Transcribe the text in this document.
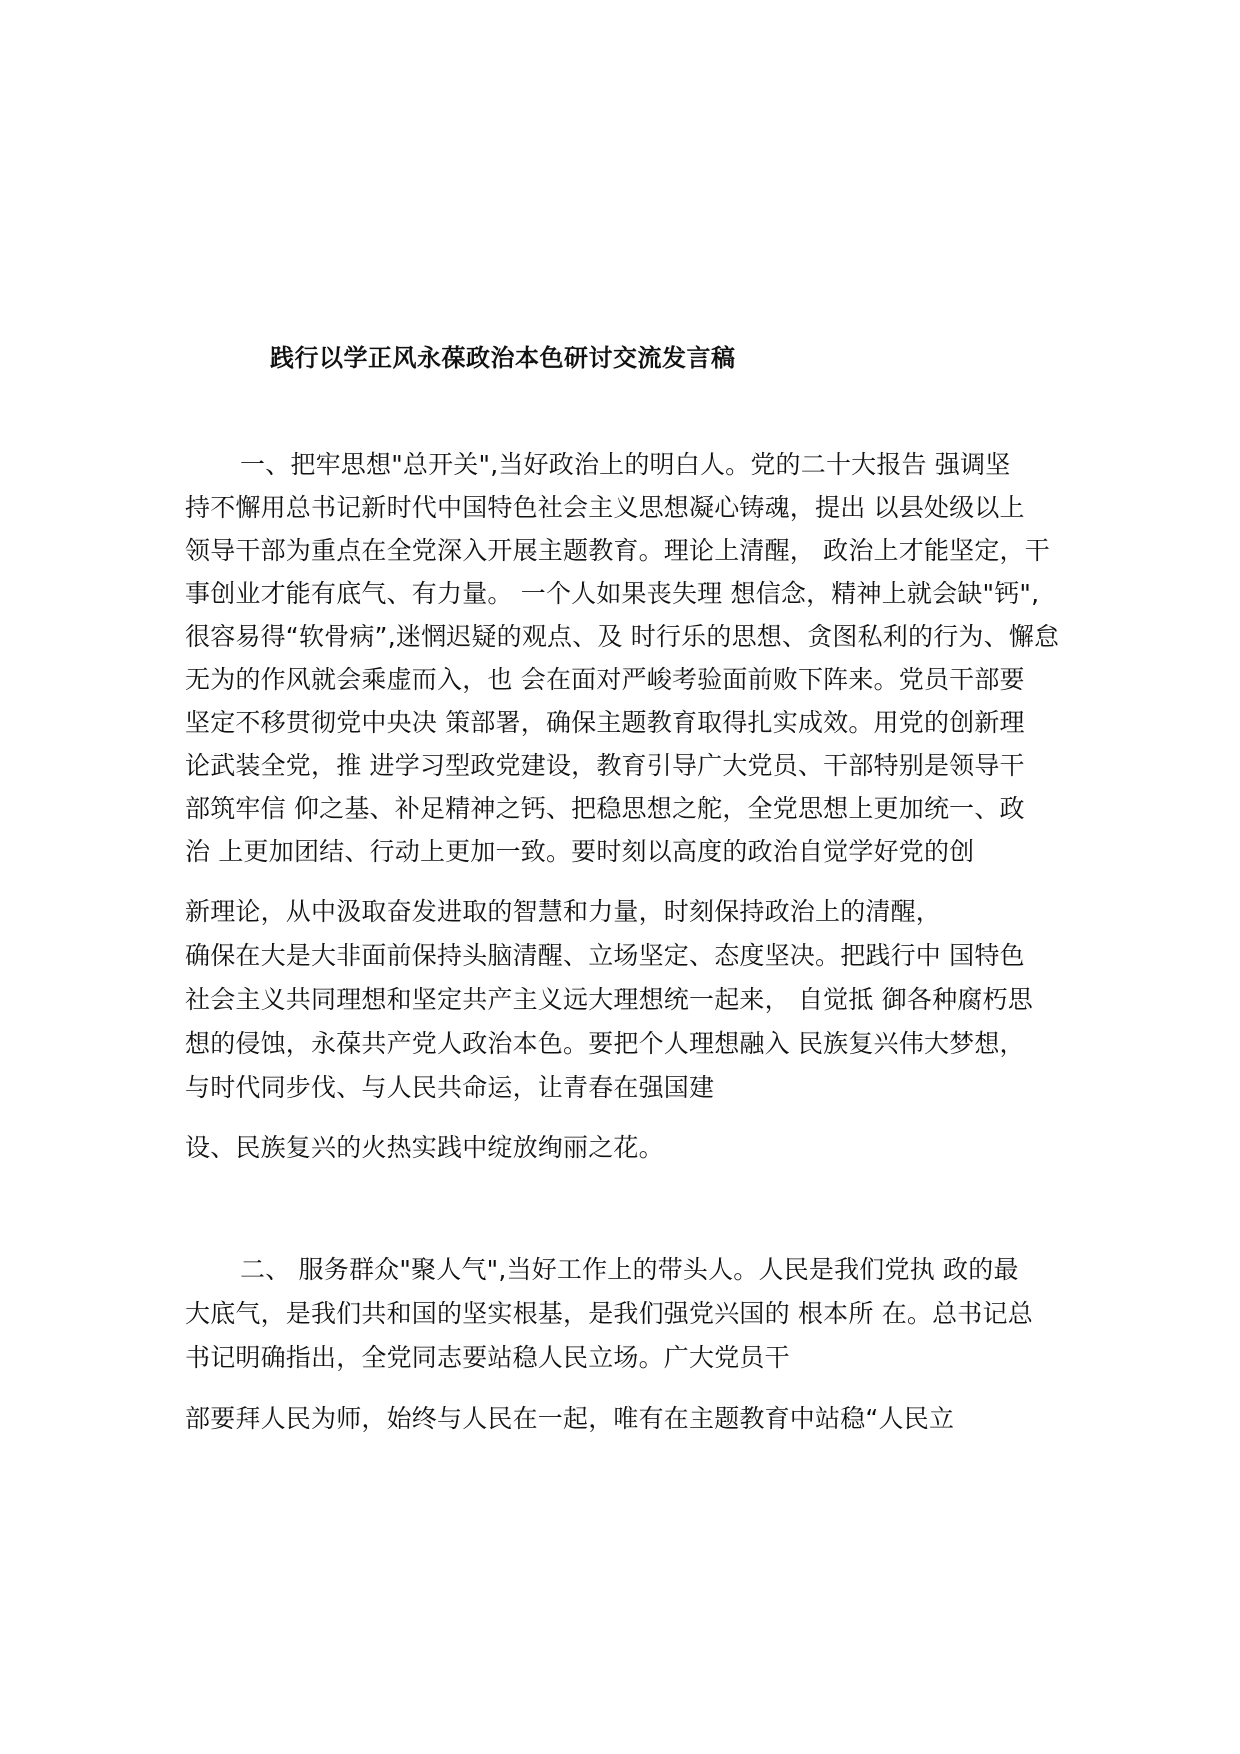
践行以学正风永葆政治本色研讨交流发言稿
一、把牢思想"总开关",当好政治上的明白人。党的二十大报告 强调坚
持不懈用总书记新时代中国特色社会主义思想凝心铸魂，提出 以县处级以上
领导干部为重点在全党深入开展主题教育。理论上清醒， 政治上才能坚定，干
事创业才能有底气、有力量。 一个人如果丧失理 想信念，精神上就会缺"钙",
很容易得“软骨病”,迷惘迟疑的观点、及 时行乐的思想、贪图私利的行为、懈怠
无为的作风就会乘虚而入，也 会在面对严峻考验面前败下阵来。党员干部要
坚定不移贯彻党中央决 策部署，确保主题教育取得扎实成效。用党的创新理
论武装全党，推 进学习型政党建设，教育引导广大党员、干部特别是领导干
部筑牢信 仰之基、补足精神之钙、把稳思想之舵，全党思想上更加统一、政
治 上更加团结、行动上更加一致。要时刻以高度的政治自觉学好党的创
新理论，从中汲取奋发进取的智慧和力量，时刻保持政治上的清醒，
确保在大是大非面前保持头脑清醒、立场坚定、态度坚决。把践行中 国特色
社会主义共同理想和坚定共产主义远大理想统一起来， 自觉抵 御各种腐朽思
想的侵蚀，永葆共产党人政治本色。要把个人理想融入 民族复兴伟大梦想，
与时代同步伐、与人民共命运，让青春在强国建
设、民族复兴的火热实践中绽放绚丽之花。
二、 服务群众"聚人气",当好工作上的带头人。人民是我们党执 政的最
大底气，是我们共和国的坚实根基，是我们强党兴国的 根本所 在。总书记总
书记明确指出，全党同志要站稳人民立场。广大党员干
部要拜人民为师，始终与人民在一起，唯有在主题教育中站稳“人民立
